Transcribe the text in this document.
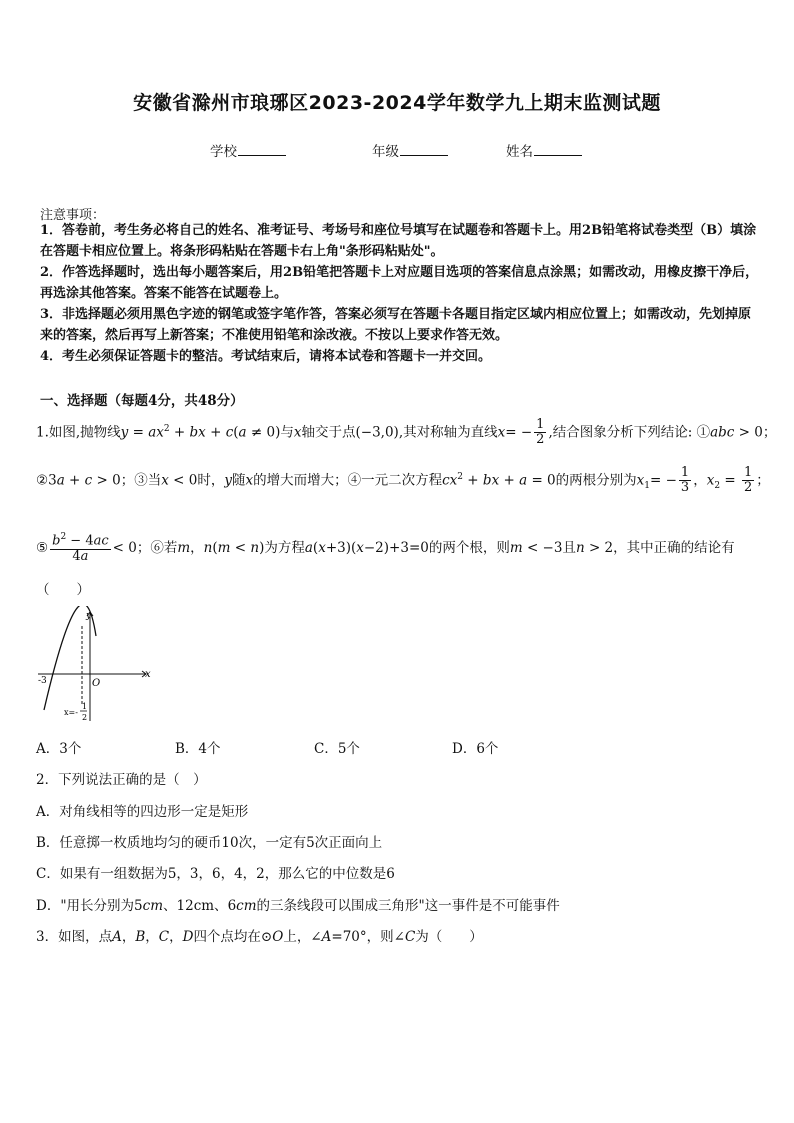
安徽省滁州市琅琊区2023-2024学年数学九上期末监测试题
学校	年级	姓名
注意事项：
1．答卷前，考生务必将自己的姓名、准考证号、考场号和座位号填写在试题卷和答题卡上。用2B铅笔将试卷类型（B）填涂在答题卡相应位置上。将条形码粘贴在答题卡右上角"条形码粘贴处"。
2．作答选择题时，选出每小题答案后，用2B铅笔把答题卡上对应题目选项的答案信息点涂黑；如需改动，用橡皮擦干净后，再选涂其他答案。答案不能答在试题卷上。
3．非选择题必须用黑色字迹的钢笔或签字笔作答，答案必须写在答题卡各题目指定区域内相应位置上；如需改动，先划掉原来的答案，然后再写上新答案；不准使用铅笔和涂改液。不按以上要求作答无效。
4．考生必须保证答题卡的整洁。考试结束后，请将本试卷和答题卡一并交回。
一、选择题（每题4分，共48分）
1.如图,抛物线$y = ax^2$ + bx + c(a ≠ 0)与x轴交于点(−3,0),其对称轴为直线$x= - \frac{1}{2}$ ,结合图象分析下列结论: ①abc > 0；
②3a + c > 0；③当x < 0时，y随x的增大而增大；④一元二次方程$cx^2$ + bx + a = 0的两根分别为$x_1= - \frac{1}{3}$ ，$x_2 = \frac{1}{2}$ ；
⑤ $\frac{b^2 - 4ac}{4a} < 0$；⑥若m，n(m < n)为方程a(x+3)(x−2)+3=0的两个根，则m < −3且n > 2，其中正确的结论有
（　　）
O
x
y
-3
x=-
1
2
A．3个	B．4个	C．5个	D．6个
2．下列说法正确的是（　）
A．对角线相等的四边形一定是矩形
B．任意掷一枚质地均匀的硬币10次，一定有5次正面向上
C．如果有一组数据为5，3，6，4，2，那么它的中位数是6
D．"用长分别为5cm、12cm、6cm的三条线段可以围成三角形"这一事件是不可能事件
3．如图，点A，B，C，D四个点均在⊙O上，∠A=70°，则∠C为（　　）
